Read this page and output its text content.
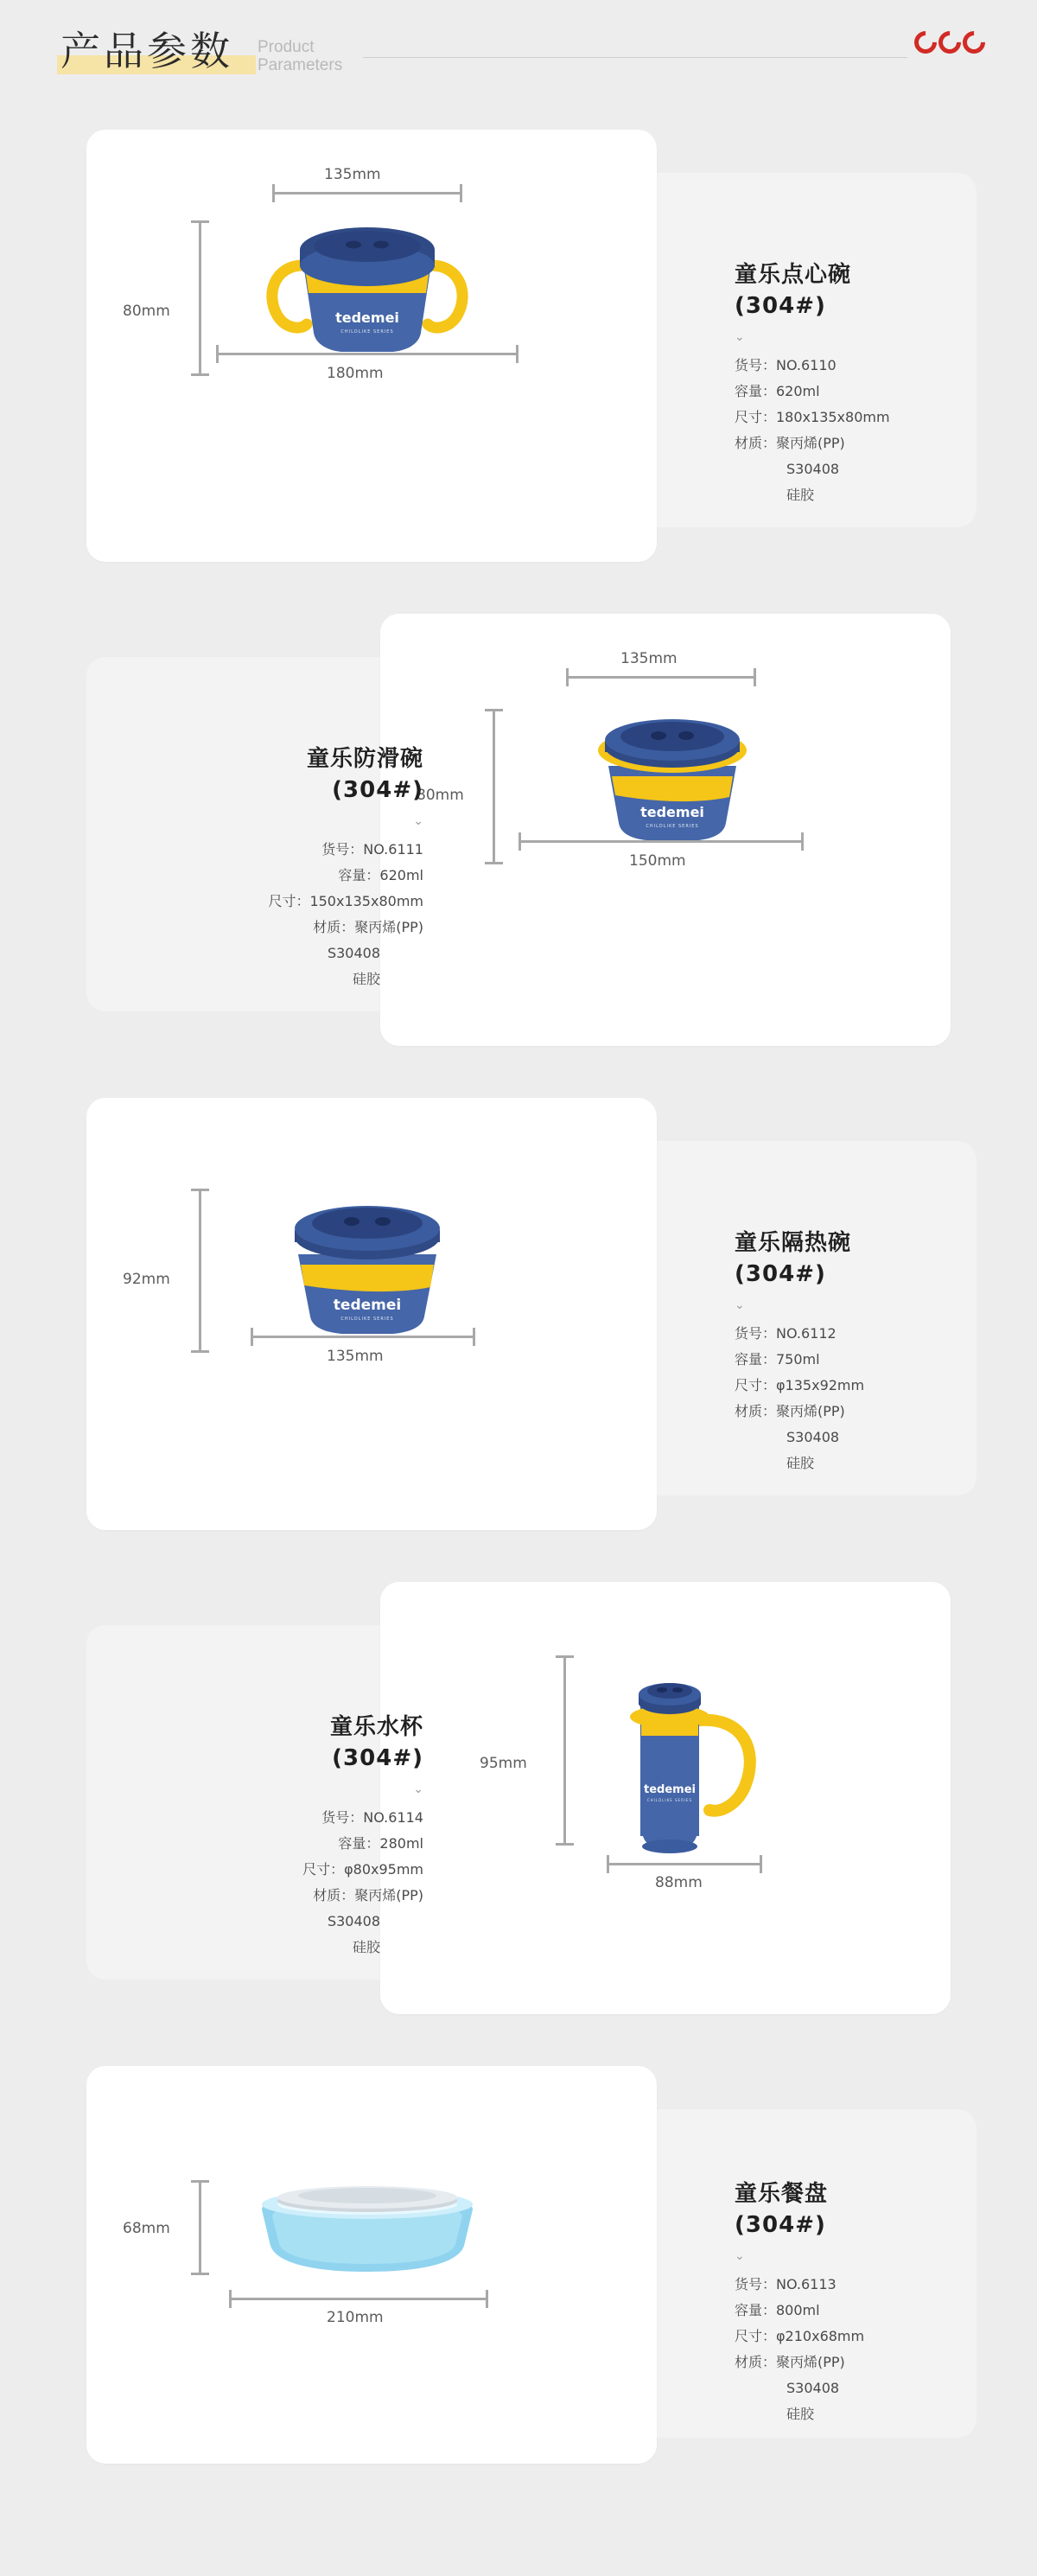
产品参数	Product
Parameters
135mm
80mm
180mm
tedemei
CHILDLIKE SERIES
童乐点心碗
(304#)
⌄
货号：NO.6110
容量：620ml
尺寸：180x135x80mm
材质：聚丙烯(PP)
S30408
硅胶
135mm
80mm
150mm
tedemei
CHILDLIKE SERIES
童乐防滑碗
(304#)
⌄
货号：NO.6111
容量：620ml
尺寸：150x135x80mm
材质：聚丙烯(PP)
S30408
硅胶
92mm
135mm
tedemei
CHILDLIKE SERIES
童乐隔热碗
(304#)
⌄
货号：NO.6112
容量：750ml
尺寸：φ135x92mm
材质：聚丙烯(PP)
S30408
硅胶
95mm
88mm
tedemei
CHILDLIKE SERIES
童乐水杯
(304#)
⌄
货号：NO.6114
容量：280ml
尺寸：φ80x95mm
材质：聚丙烯(PP)
S30408
硅胶
68mm
210mm
童乐餐盘
(304#)
⌄
货号：NO.6113
容量：800ml
尺寸：φ210x68mm
材质：聚丙烯(PP)
S30408
硅胶
